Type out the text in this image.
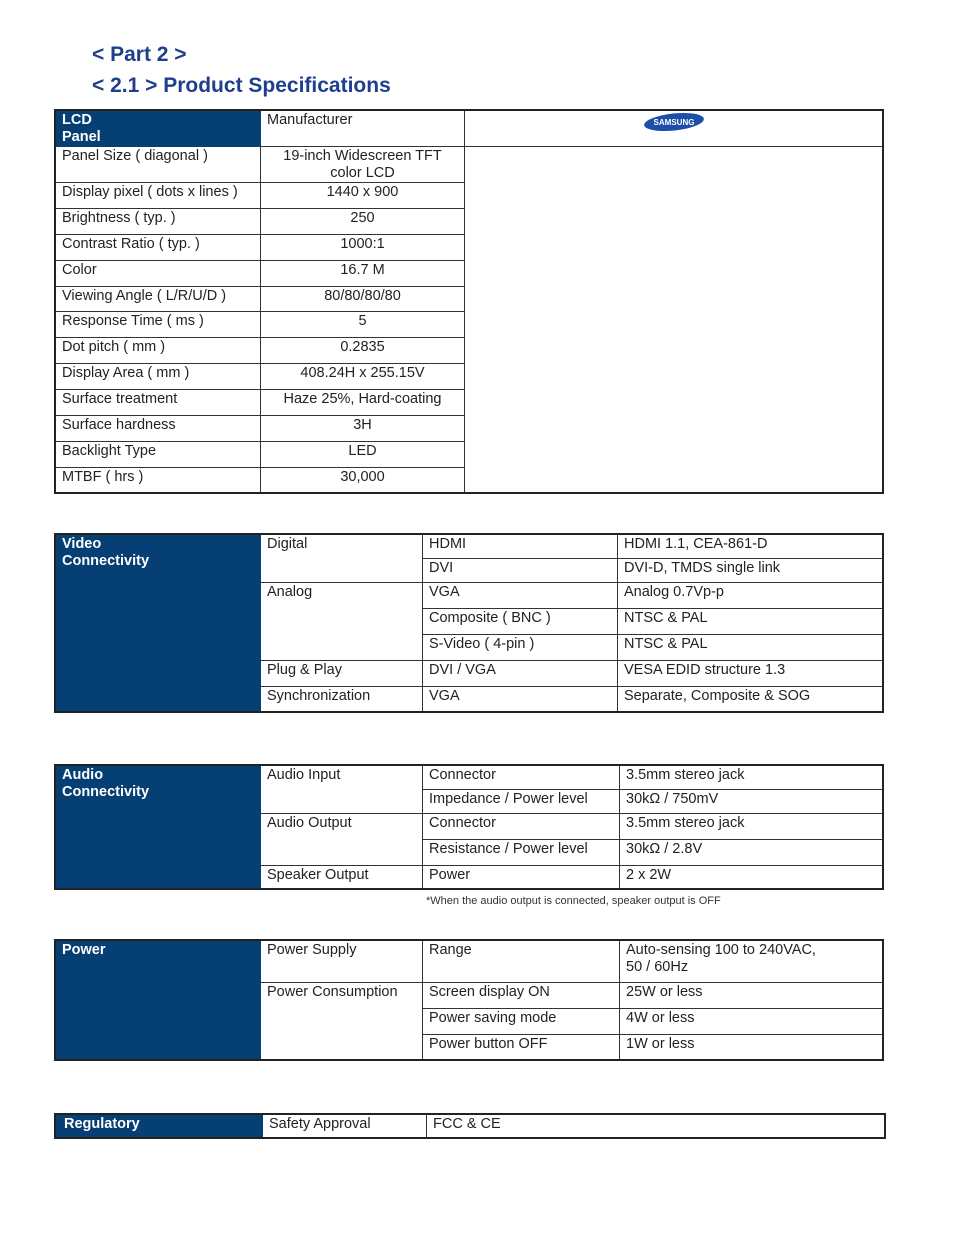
< Part 2 >
< 2.1 > Product Specifications
LCD
Panel	Manufacturer	SAMSUNG

Panel Size ( diagonal )	19-inch Widescreen TFT color LCD	
Display pixel ( dots x lines )	1440 x 900	
Brightness ( typ. )	250	
Contrast Ratio ( typ. )	1000:1	
Color	16.7 M	
Viewing Angle ( L/R/U/D )	80/80/80/80	
Response Time ( ms )	5	
Dot pitch ( mm )	0.2835	
Display Area ( mm )	408.24H x 255.15V	
Surface treatment	Haze 25%, Hard-coating	
Surface hardness	3H	
Backlight Type	LED	
MTBF ( hrs )	30,000	
Video
Connectivity	Digital	HDMI	HDMI 1.1, CEA-861-D
		DVI	DVI-D, TMDS single link
	Analog	VGA	Analog 0.7Vp-p
		Composite ( BNC )	NTSC & PAL
		S-Video ( 4-pin )	NTSC & PAL
	Plug & Play	DVI / VGA	VESA EDID structure 1.3
	Synchronization	VGA	Separate, Composite & SOG
Audio
Connectivity	Audio Input	Connector	3.5mm stereo jack
		Impedance / Power level	30kΩ / 750mV
	Audio Output	Connector	3.5mm stereo jack
		Resistance / Power level	30kΩ / 2.8V
	Speaker Output	Power	2 x 2W
*When the audio output is connected, speaker output is OFF
Power	Power Supply	Range	Auto-sensing 100 to 240VAC,
50 / 60Hz

	Power Consumption	Screen display ON	25W or less
		Power saving mode	4W or less
		Power button OFF	1W or less
Regulatory	Safety Approval	FCC & CE
